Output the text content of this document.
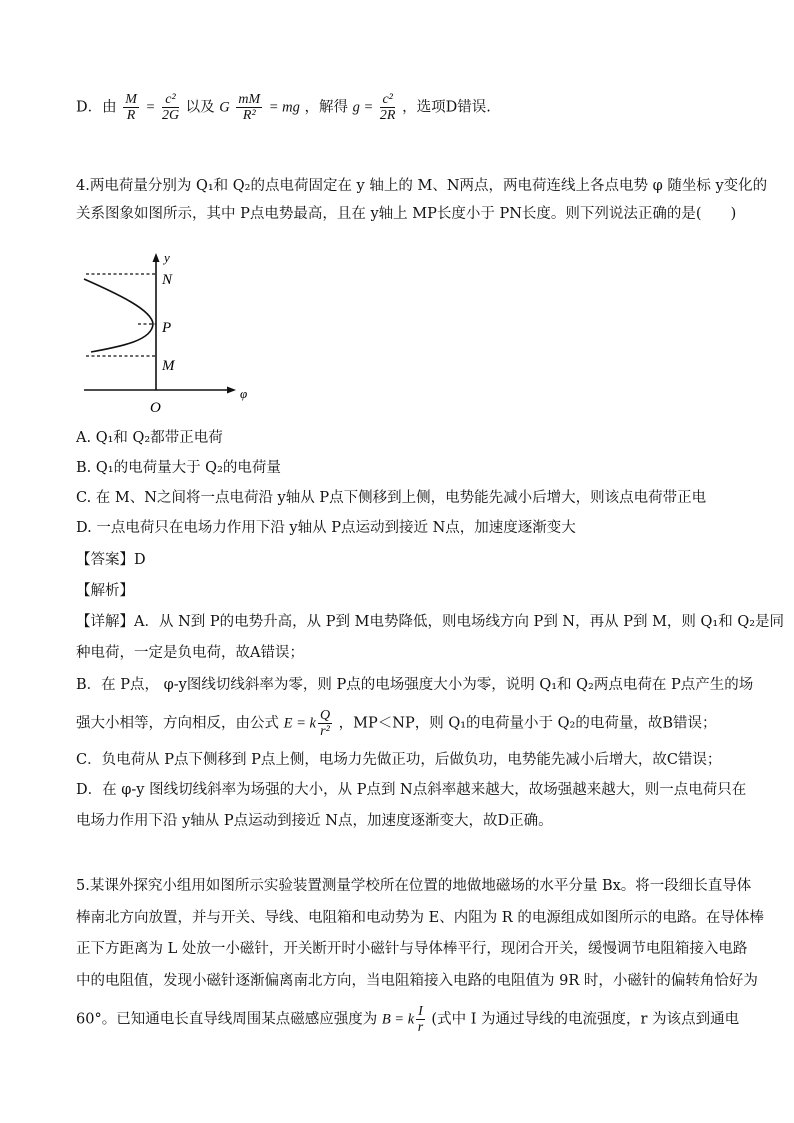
D．由 $\frac{M}{R} = \frac{\text{c²}}{2G}$ 以及 G $\frac{mM}{\text{R²}}$ = mg ，解得 $g = \frac{\text{c²}}{2R}$ ，选项D错误.
4.两电荷量分别为 Q₁和 Q₂的点电荷固定在 y 轴上的 M、N两点，两电荷连线上各点电势 φ 随坐标 y变化的
关系图象如图所示，其中 P点电势最高，且在 y轴上 MP长度小于 PN长度。则下列说法正确的是(　　)
y
N
P
M
O
φ
A. Q₁和 Q₂都带正电荷
B. Q₁的电荷量大于 Q₂的电荷量
C. 在 M、N之间将一点电荷沿 y轴从 P点下侧移到上侧，电势能先减小后增大，则该点电荷带正电
D. 一点电荷只在电场力作用下沿 y轴从 P点运动到接近 N点，加速度逐渐变大
【答案】D
【解析】
【详解】A．从 N到 P的电势升高，从 P到 M电势降低，则电场线方向 P到 N，再从 P到 M，则 Q₁和 Q₂是同
种电荷，一定是负电荷，故A错误；
B．在 P点， φ-y图线切线斜率为零，则 P点的电场强度大小为零，说明 Q₁和 Q₂两点电荷在 P点产生的场
强大小相等，方向相反，由公式 E = k $\frac{Q}{\text{r²}}$ ，MP＜NP，则 Q₁的电荷量小于 Q₂的电荷量，故B错误；
C．负电荷从 P点下侧移到 P点上侧，电场力先做正功，后做负功，电势能先减小后增大，故C错误；
D．在 φ-y 图线切线斜率为场强的大小，从 P点到 N点斜率越来越大，故场强越来越大，则一点电荷只在
电场力作用下沿 y轴从 P点运动到接近 N点，加速度逐渐变大，故D正确。
5.某课外探究小组用如图所示实验装置测量学校所在位置的地做地磁场的水平分量 Bx。将一段细长直导体
棒南北方向放置，并与开关、导线、电阻箱和电动势为 E、内阻为 R 的电源组成如图所示的电路。在导体棒
正下方距离为 L 处放一小磁针，开关断开时小磁针与导体棒平行，现闭合开关，缓慢调节电阻箱接入电路
中的电阻值，发现小磁针逐渐偏离南北方向，当电阻箱接入电路的电阻值为 9R 时，小磁针的偏转角恰好为
60°。已知通电长直导线周围某点磁感应强度为 B = k $\frac{I}{r}$ (式中 I 为通过导线的电流强度，r 为该点到通电
